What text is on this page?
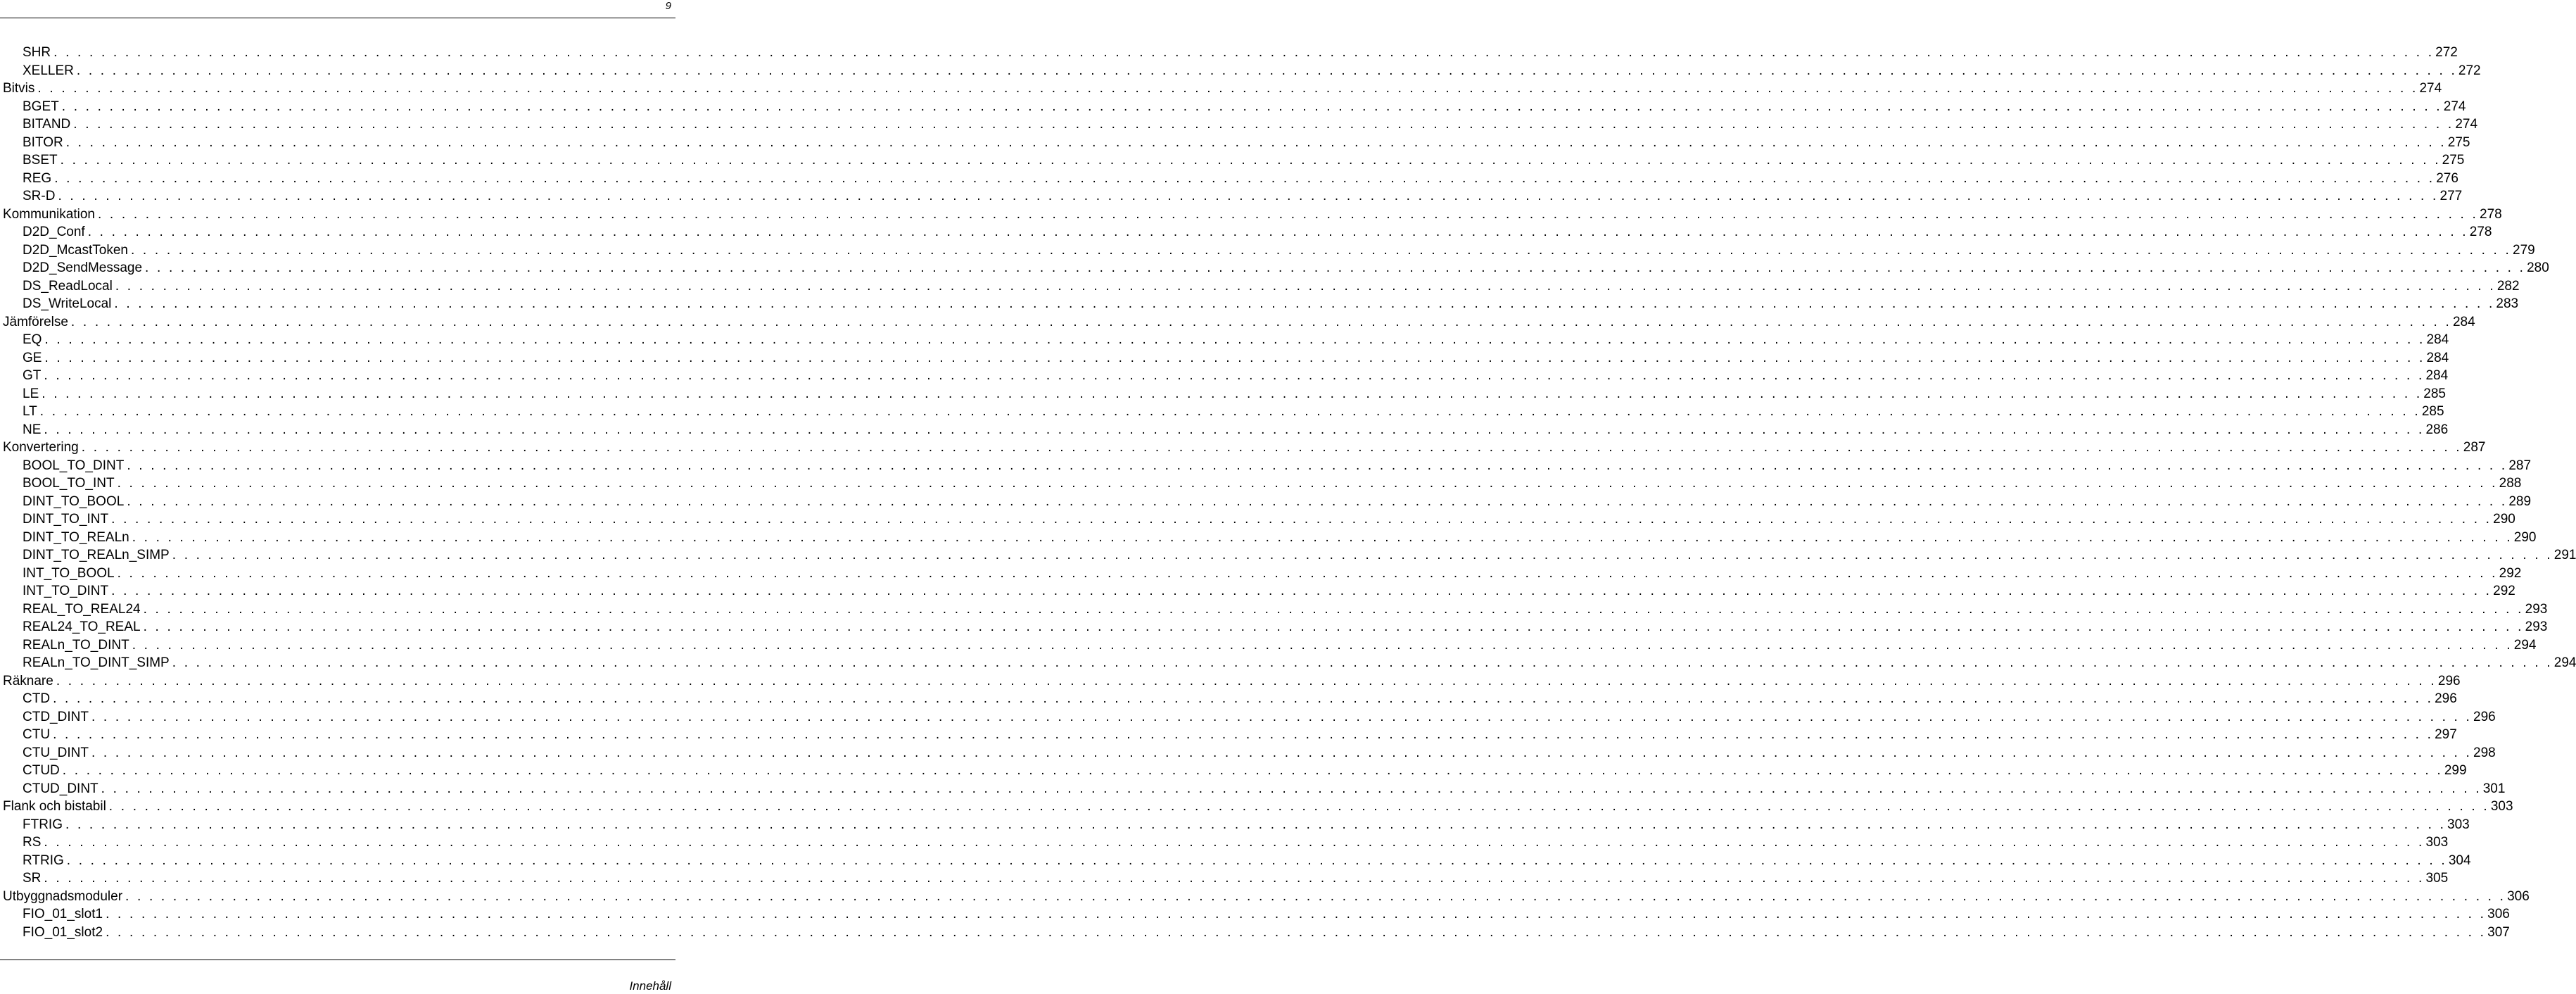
9
SHR . . . . . . . . . . . . . . . . . . . . . . . . . . . . . . . . . . . . . . . . . . . . . . . . . . . . . . . . . . . . . . . . . . . . . . . . . . . . . . . . . . . . . . . . . . . . . . . . . . . . . . . . . . . . . . . . . . . . . . . . . . . . . . . . . . . . . . . . . . . . . . . . . . . . . . . . . . . . . . . . . . . . . . . . . . . . . . . . . . . . . . . . . . . . . . . . . . . . . . . . 272
XELLER . . . . . . . . . . . . . . . . . . . . . . . . . . . . . . . . . . . . . . . . . . . . . . . . . . . . . . . . . . . . . . . . . . . . . . . . . . . . . . . . . . . . . . . . . . . . . . . . . . . . . . . . . . . . . . . . . . . . . . . . . . . . . . . . . . . . . . . . . . . . . . . . . . . . . . . . . . . . . . . . . . . . . . . . . . . . . . . . . . . . . . . . . . . . . . . . . . . . . . . . 272
Bitvis . . . . . . . . . . . . . . . . . . . . . . . . . . . . . . . . . . . . . . . . . . . . . . . . . . . . . . . . . . . . . . . . . . . . . . . . . . . . . . . . . . . . . . . . . . . . . . . . . . . . . . . . . . . . . . . . . . . . . . . . . . . . . . . . . . . . . . . . . . . . . . . . . . . . . . . . . . . . . . . . . . . . . . . . . . . . . . . . . . . . . . . . . . . . . . . . . . . . . . . . 274
BGET . . . . . . . . . . . . . . . . . . . . . . . . . . . . . . . . . . . . . . . . . . . . . . . . . . . . . . . . . . . . . . . . . . . . . . . . . . . . . . . . . . . . . . . . . . . . . . . . . . . . . . . . . . . . . . . . . . . . . . . . . . . . . . . . . . . . . . . . . . . . . . . . . . . . . . . . . . . . . . . . . . . . . . . . . . . . . . . . . . . . . . . . . . . . . . . . . . . . . . . . 274
BITAND . . . . . . . . . . . . . . . . . . . . . . . . . . . . . . . . . . . . . . . . . . . . . . . . . . . . . . . . . . . . . . . . . . . . . . . . . . . . . . . . . . . . . . . . . . . . . . . . . . . . . . . . . . . . . . . . . . . . . . . . . . . . . . . . . . . . . . . . . . . . . . . . . . . . . . . . . . . . . . . . . . . . . . . . . . . . . . . . . . . . . . . . . . . . . . . . . . . . . . . . 274
BITOR . . . . . . . . . . . . . . . . . . . . . . . . . . . . . . . . . . . . . . . . . . . . . . . . . . . . . . . . . . . . . . . . . . . . . . . . . . . . . . . . . . . . . . . . . . . . . . . . . . . . . . . . . . . . . . . . . . . . . . . . . . . . . . . . . . . . . . . . . . . . . . . . . . . . . . . . . . . . . . . . . . . . . . . . . . . . . . . . . . . . . . . . . . . . . . . . . . . . . . . . 275
BSET . . . . . . . . . . . . . . . . . . . . . . . . . . . . . . . . . . . . . . . . . . . . . . . . . . . . . . . . . . . . . . . . . . . . . . . . . . . . . . . . . . . . . . . . . . . . . . . . . . . . . . . . . . . . . . . . . . . . . . . . . . . . . . . . . . . . . . . . . . . . . . . . . . . . . . . . . . . . . . . . . . . . . . . . . . . . . . . . . . . . . . . . . . . . . . . . . . . . . . . . 275
REG . . . . . . . . . . . . . . . . . . . . . . . . . . . . . . . . . . . . . . . . . . . . . . . . . . . . . . . . . . . . . . . . . . . . . . . . . . . . . . . . . . . . . . . . . . . . . . . . . . . . . . . . . . . . . . . . . . . . . . . . . . . . . . . . . . . . . . . . . . . . . . . . . . . . . . . . . . . . . . . . . . . . . . . . . . . . . . . . . . . . . . . . . . . . . . . . . . . . . . . . 276
SR-D . . . . . . . . . . . . . . . . . . . . . . . . . . . . . . . . . . . . . . . . . . . . . . . . . . . . . . . . . . . . . . . . . . . . . . . . . . . . . . . . . . . . . . . . . . . . . . . . . . . . . . . . . . . . . . . . . . . . . . . . . . . . . . . . . . . . . . . . . . . . . . . . . . . . . . . . . . . . . . . . . . . . . . . . . . . . . . . . . . . . . . . . . . . . . . . . . . . . . . . . 277
Kommunikation . . . . . . . . . . . . . . . . . . . . . . . . . . . . . . . . . . . . . . . . . . . . . . . . . . . . . . . . . . . . . . . . . . . . . . . . . . . . . . . . . . . . . . . . . . . . . . . . . . . . . . . . . . . . . . . . . . . . . . . . . . . . . . . . . . . . . . . . . . . . . . . . . . . . . . . . . . . . . . . . . . . . . . . . . . . . . . . . . . . . . . . . . . . . . . . . . . . . . . . . 278
D2D_Conf . . . . . . . . . . . . . . . . . . . . . . . . . . . . . . . . . . . . . . . . . . . . . . . . . . . . . . . . . . . . . . . . . . . . . . . . . . . . . . . . . . . . . . . . . . . . . . . . . . . . . . . . . . . . . . . . . . . . . . . . . . . . . . . . . . . . . . . . . . . . . . . . . . . . . . . . . . . . . . . . . . . . . . . . . . . . . . . . . . . . . . . . . . . . . . . . . . . . . . . . 278
D2D_McastToken . . . . . . . . . . . . . . . . . . . . . . . . . . . . . . . . . . . . . . . . . . . . . . . . . . . . . . . . . . . . . . . . . . . . . . . . . . . . . . . . . . . . . . . . . . . . . . . . . . . . . . . . . . . . . . . . . . . . . . . . . . . . . . . . . . . . . . . . . . . . . . . . . . . . . . . . . . . . . . . . . . . . . . . . . . . . . . . . . . . . . . . . . . . . . . . . . . . . . . . . 279
D2D_SendMessage . . . . . . . . . . . . . . . . . . . . . . . . . . . . . . . . . . . . . . . . . . . . . . . . . . . . . . . . . . . . . . . . . . . . . . . . . . . . . . . . . . . . . . . . . . . . . . . . . . . . . . . . . . . . . . . . . . . . . . . . . . . . . . . . . . . . . . . . . . . . . . . . . . . . . . . . . . . . . . . . . . . . . . . . . . . . . . . . . . . . . . . . . . . . . . . . . . . . . . . . 280
DS_ReadLocal . . . . . . . . . . . . . . . . . . . . . . . . . . . . . . . . . . . . . . . . . . . . . . . . . . . . . . . . . . . . . . . . . . . . . . . . . . . . . . . . . . . . . . . . . . . . . . . . . . . . . . . . . . . . . . . . . . . . . . . . . . . . . . . . . . . . . . . . . . . . . . . . . . . . . . . . . . . . . . . . . . . . . . . . . . . . . . . . . . . . . . . . . . . . . . . . . . . . . . . . 282
DS_WriteLocal . . . . . . . . . . . . . . . . . . . . . . . . . . . . . . . . . . . . . . . . . . . . . . . . . . . . . . . . . . . . . . . . . . . . . . . . . . . . . . . . . . . . . . . . . . . . . . . . . . . . . . . . . . . . . . . . . . . . . . . . . . . . . . . . . . . . . . . . . . . . . . . . . . . . . . . . . . . . . . . . . . . . . . . . . . . . . . . . . . . . . . . . . . . . . . . . . . . . . . . . 283
Jämförelse . . . . . . . . . . . . . . . . . . . . . . . . . . . . . . . . . . . . . . . . . . . . . . . . . . . . . . . . . . . . . . . . . . . . . . . . . . . . . . . . . . . . . . . . . . . . . . . . . . . . . . . . . . . . . . . . . . . . . . . . . . . . . . . . . . . . . . . . . . . . . . . . . . . . . . . . . . . . . . . . . . . . . . . . . . . . . . . . . . . . . . . . . . . . . . . . . . . . . . . . 284
EQ . . . . . . . . . . . . . . . . . . . . . . . . . . . . . . . . . . . . . . . . . . . . . . . . . . . . . . . . . . . . . . . . . . . . . . . . . . . . . . . . . . . . . . . . . . . . . . . . . . . . . . . . . . . . . . . . . . . . . . . . . . . . . . . . . . . . . . . . . . . . . . . . . . . . . . . . . . . . . . . . . . . . . . . . . . . . . . . . . . . . . . . . . . . . . . . . . . . . . . . . 284
GE . . . . . . . . . . . . . . . . . . . . . . . . . . . . . . . . . . . . . . . . . . . . . . . . . . . . . . . . . . . . . . . . . . . . . . . . . . . . . . . . . . . . . . . . . . . . . . . . . . . . . . . . . . . . . . . . . . . . . . . . . . . . . . . . . . . . . . . . . . . . . . . . . . . . . . . . . . . . . . . . . . . . . . . . . . . . . . . . . . . . . . . . . . . . . . . . . . . . . . . . 284
GT . . . . . . . . . . . . . . . . . . . . . . . . . . . . . . . . . . . . . . . . . . . . . . . . . . . . . . . . . . . . . . . . . . . . . . . . . . . . . . . . . . . . . . . . . . . . . . . . . . . . . . . . . . . . . . . . . . . . . . . . . . . . . . . . . . . . . . . . . . . . . . . . . . . . . . . . . . . . . . . . . . . . . . . . . . . . . . . . . . . . . . . . . . . . . . . . . . . . . . . . 284
LE . . . . . . . . . . . . . . . . . . . . . . . . . . . . . . . . . . . . . . . . . . . . . . . . . . . . . . . . . . . . . . . . . . . . . . . . . . . . . . . . . . . . . . . . . . . . . . . . . . . . . . . . . . . . . . . . . . . . . . . . . . . . . . . . . . . . . . . . . . . . . . . . . . . . . . . . . . . . . . . . . . . . . . . . . . . . . . . . . . . . . . . . . . . . . . . . . . . . . . . . 285
LT . . . . . . . . . . . . . . . . . . . . . . . . . . . . . . . . . . . . . . . . . . . . . . . . . . . . . . . . . . . . . . . . . . . . . . . . . . . . . . . . . . . . . . . . . . . . . . . . . . . . . . . . . . . . . . . . . . . . . . . . . . . . . . . . . . . . . . . . . . . . . . . . . . . . . . . . . . . . . . . . . . . . . . . . . . . . . . . . . . . . . . . . . . . . . . . . . . . . . . . . 285
NE . . . . . . . . . . . . . . . . . . . . . . . . . . . . . . . . . . . . . . . . . . . . . . . . . . . . . . . . . . . . . . . . . . . . . . . . . . . . . . . . . . . . . . . . . . . . . . . . . . . . . . . . . . . . . . . . . . . . . . . . . . . . . . . . . . . . . . . . . . . . . . . . . . . . . . . . . . . . . . . . . . . . . . . . . . . . . . . . . . . . . . . . . . . . . . . . . . . . . . . . 286
Konvertering . . . . . . . . . . . . . . . . . . . . . . . . . . . . . . . . . . . . . . . . . . . . . . . . . . . . . . . . . . . . . . . . . . . . . . . . . . . . . . . . . . . . . . . . . . . . . . . . . . . . . . . . . . . . . . . . . . . . . . . . . . . . . . . . . . . . . . . . . . . . . . . . . . . . . . . . . . . . . . . . . . . . . . . . . . . . . . . . . . . . . . . . . . . . . . . . . . . . . . . . 287
BOOL_TO_DINT . . . . . . . . . . . . . . . . . . . . . . . . . . . . . . . . . . . . . . . . . . . . . . . . . . . . . . . . . . . . . . . . . . . . . . . . . . . . . . . . . . . . . . . . . . . . . . . . . . . . . . . . . . . . . . . . . . . . . . . . . . . . . . . . . . . . . . . . . . . . . . . . . . . . . . . . . . . . . . . . . . . . . . . . . . . . . . . . . . . . . . . . . . . . . . . . . . . . . . . . 287
BOOL_TO_INT . . . . . . . . . . . . . . . . . . . . . . . . . . . . . . . . . . . . . . . . . . . . . . . . . . . . . . . . . . . . . . . . . . . . . . . . . . . . . . . . . . . . . . . . . . . . . . . . . . . . . . . . . . . . . . . . . . . . . . . . . . . . . . . . . . . . . . . . . . . . . . . . . . . . . . . . . . . . . . . . . . . . . . . . . . . . . . . . . . . . . . . . . . . . . . . . . . . . . . . . 288
DINT_TO_BOOL . . . . . . . . . . . . . . . . . . . . . . . . . . . . . . . . . . . . . . . . . . . . . . . . . . . . . . . . . . . . . . . . . . . . . . . . . . . . . . . . . . . . . . . . . . . . . . . . . . . . . . . . . . . . . . . . . . . . . . . . . . . . . . . . . . . . . . . . . . . . . . . . . . . . . . . . . . . . . . . . . . . . . . . . . . . . . . . . . . . . . . . . . . . . . . . . . . . . . . . . 289
DINT_TO_INT . . . . . . . . . . . . . . . . . . . . . . . . . . . . . . . . . . . . . . . . . . . . . . . . . . . . . . . . . . . . . . . . . . . . . . . . . . . . . . . . . . . . . . . . . . . . . . . . . . . . . . . . . . . . . . . . . . . . . . . . . . . . . . . . . . . . . . . . . . . . . . . . . . . . . . . . . . . . . . . . . . . . . . . . . . . . . . . . . . . . . . . . . . . . . . . . . . . . . . . . 290
DINT_TO_REALn . . . . . . . . . . . . . . . . . . . . . . . . . . . . . . . . . . . . . . . . . . . . . . . . . . . . . . . . . . . . . . . . . . . . . . . . . . . . . . . . . . . . . . . . . . . . . . . . . . . . . . . . . . . . . . . . . . . . . . . . . . . . . . . . . . . . . . . . . . . . . . . . . . . . . . . . . . . . . . . . . . . . . . . . . . . . . . . . . . . . . . . . . . . . . . . . . . . . . . . . 290
DINT_TO_REALn_SIMP . . . . . . . . . . . . . . . . . . . . . . . . . . . . . . . . . . . . . . . . . . . . . . . . . . . . . . . . . . . . . . . . . . . . . . . . . . . . . . . . . . . . . . . . . . . . . . . . . . . . . . . . . . . . . . . . . . . . . . . . . . . . . . . . . . . . . . . . . . . . . . . . . . . . . . . . . . . . . . . . . . . . . . . . . . . . . . . . . . . . . . . . . . . . . . . . . . . . . . . . 291
INT_TO_BOOL . . . . . . . . . . . . . . . . . . . . . . . . . . . . . . . . . . . . . . . . . . . . . . . . . . . . . . . . . . . . . . . . . . . . . . . . . . . . . . . . . . . . . . . . . . . . . . . . . . . . . . . . . . . . . . . . . . . . . . . . . . . . . . . . . . . . . . . . . . . . . . . . . . . . . . . . . . . . . . . . . . . . . . . . . . . . . . . . . . . . . . . . . . . . . . . . . . . . . . . . 292
INT_TO_DINT . . . . . . . . . . . . . . . . . . . . . . . . . . . . . . . . . . . . . . . . . . . . . . . . . . . . . . . . . . . . . . . . . . . . . . . . . . . . . . . . . . . . . . . . . . . . . . . . . . . . . . . . . . . . . . . . . . . . . . . . . . . . . . . . . . . . . . . . . . . . . . . . . . . . . . . . . . . . . . . . . . . . . . . . . . . . . . . . . . . . . . . . . . . . . . . . . . . . . . . . 292
REAL_TO_REAL24 . . . . . . . . . . . . . . . . . . . . . . . . . . . . . . . . . . . . . . . . . . . . . . . . . . . . . . . . . . . . . . . . . . . . . . . . . . . . . . . . . . . . . . . . . . . . . . . . . . . . . . . . . . . . . . . . . . . . . . . . . . . . . . . . . . . . . . . . . . . . . . . . . . . . . . . . . . . . . . . . . . . . . . . . . . . . . . . . . . . . . . . . . . . . . . . . . . . . . . . . 293
REAL24_TO_REAL . . . . . . . . . . . . . . . . . . . . . . . . . . . . . . . . . . . . . . . . . . . . . . . . . . . . . . . . . . . . . . . . . . . . . . . . . . . . . . . . . . . . . . . . . . . . . . . . . . . . . . . . . . . . . . . . . . . . . . . . . . . . . . . . . . . . . . . . . . . . . . . . . . . . . . . . . . . . . . . . . . . . . . . . . . . . . . . . . . . . . . . . . . . . . . . . . . . . . . . . 293
REALn_TO_DINT . . . . . . . . . . . . . . . . . . . . . . . . . . . . . . . . . . . . . . . . . . . . . . . . . . . . . . . . . . . . . . . . . . . . . . . . . . . . . . . . . . . . . . . . . . . . . . . . . . . . . . . . . . . . . . . . . . . . . . . . . . . . . . . . . . . . . . . . . . . . . . . . . . . . . . . . . . . . . . . . . . . . . . . . . . . . . . . . . . . . . . . . . . . . . . . . . . . . . . . . 294
REALn_TO_DINT_SIMP . . . . . . . . . . . . . . . . . . . . . . . . . . . . . . . . . . . . . . . . . . . . . . . . . . . . . . . . . . . . . . . . . . . . . . . . . . . . . . . . . . . . . . . . . . . . . . . . . . . . . . . . . . . . . . . . . . . . . . . . . . . . . . . . . . . . . . . . . . . . . . . . . . . . . . . . . . . . . . . . . . . . . . . . . . . . . . . . . . . . . . . . . . . . . . . . . . . . . . . . 294
Räknare . . . . . . . . . . . . . . . . . . . . . . . . . . . . . . . . . . . . . . . . . . . . . . . . . . . . . . . . . . . . . . . . . . . . . . . . . . . . . . . . . . . . . . . . . . . . . . . . . . . . . . . . . . . . . . . . . . . . . . . . . . . . . . . . . . . . . . . . . . . . . . . . . . . . . . . . . . . . . . . . . . . . . . . . . . . . . . . . . . . . . . . . . . . . . . . . . . . . . . . . 296
CTD . . . . . . . . . . . . . . . . . . . . . . . . . . . . . . . . . . . . . . . . . . . . . . . . . . . . . . . . . . . . . . . . . . . . . . . . . . . . . . . . . . . . . . . . . . . . . . . . . . . . . . . . . . . . . . . . . . . . . . . . . . . . . . . . . . . . . . . . . . . . . . . . . . . . . . . . . . . . . . . . . . . . . . . . . . . . . . . . . . . . . . . . . . . . . . . . . . . . . . . . 296
CTD_DINT . . . . . . . . . . . . . . . . . . . . . . . . . . . . . . . . . . . . . . . . . . . . . . . . . . . . . . . . . . . . . . . . . . . . . . . . . . . . . . . . . . . . . . . . . . . . . . . . . . . . . . . . . . . . . . . . . . . . . . . . . . . . . . . . . . . . . . . . . . . . . . . . . . . . . . . . . . . . . . . . . . . . . . . . . . . . . . . . . . . . . . . . . . . . . . . . . . . . . . . . 296
CTU . . . . . . . . . . . . . . . . . . . . . . . . . . . . . . . . . . . . . . . . . . . . . . . . . . . . . . . . . . . . . . . . . . . . . . . . . . . . . . . . . . . . . . . . . . . . . . . . . . . . . . . . . . . . . . . . . . . . . . . . . . . . . . . . . . . . . . . . . . . . . . . . . . . . . . . . . . . . . . . . . . . . . . . . . . . . . . . . . . . . . . . . . . . . . . . . . . . . . . . . 297
CTU_DINT . . . . . . . . . . . . . . . . . . . . . . . . . . . . . . . . . . . . . . . . . . . . . . . . . . . . . . . . . . . . . . . . . . . . . . . . . . . . . . . . . . . . . . . . . . . . . . . . . . . . . . . . . . . . . . . . . . . . . . . . . . . . . . . . . . . . . . . . . . . . . . . . . . . . . . . . . . . . . . . . . . . . . . . . . . . . . . . . . . . . . . . . . . . . . . . . . . . . . . . . 298
CTUD . . . . . . . . . . . . . . . . . . . . . . . . . . . . . . . . . . . . . . . . . . . . . . . . . . . . . . . . . . . . . . . . . . . . . . . . . . . . . . . . . . . . . . . . . . . . . . . . . . . . . . . . . . . . . . . . . . . . . . . . . . . . . . . . . . . . . . . . . . . . . . . . . . . . . . . . . . . . . . . . . . . . . . . . . . . . . . . . . . . . . . . . . . . . . . . . . . . . . . . . 299
CTUD_DINT . . . . . . . . . . . . . . . . . . . . . . . . . . . . . . . . . . . . . . . . . . . . . . . . . . . . . . . . . . . . . . . . . . . . . . . . . . . . . . . . . . . . . . . . . . . . . . . . . . . . . . . . . . . . . . . . . . . . . . . . . . . . . . . . . . . . . . . . . . . . . . . . . . . . . . . . . . . . . . . . . . . . . . . . . . . . . . . . . . . . . . . . . . . . . . . . . . . . . . . . 301
Flank och bistabil . . . . . . . . . . . . . . . . . . . . . . . . . . . . . . . . . . . . . . . . . . . . . . . . . . . . . . . . . . . . . . . . . . . . . . . . . . . . . . . . . . . . . . . . . . . . . . . . . . . . . . . . . . . . . . . . . . . . . . . . . . . . . . . . . . . . . . . . . . . . . . . . . . . . . . . . . . . . . . . . . . . . . . . . . . . . . . . . . . . . . . . . . . . . . . . . . . . . . . . . 303
FTRIG . . . . . . . . . . . . . . . . . . . . . . . . . . . . . . . . . . . . . . . . . . . . . . . . . . . . . . . . . . . . . . . . . . . . . . . . . . . . . . . . . . . . . . . . . . . . . . . . . . . . . . . . . . . . . . . . . . . . . . . . . . . . . . . . . . . . . . . . . . . . . . . . . . . . . . . . . . . . . . . . . . . . . . . . . . . . . . . . . . . . . . . . . . . . . . . . . . . . . . . . 303
RS . . . . . . . . . . . . . . . . . . . . . . . . . . . . . . . . . . . . . . . . . . . . . . . . . . . . . . . . . . . . . . . . . . . . . . . . . . . . . . . . . . . . . . . . . . . . . . . . . . . . . . . . . . . . . . . . . . . . . . . . . . . . . . . . . . . . . . . . . . . . . . . . . . . . . . . . . . . . . . . . . . . . . . . . . . . . . . . . . . . . . . . . . . . . . . . . . . . . . . . . 303
RTRIG . . . . . . . . . . . . . . . . . . . . . . . . . . . . . . . . . . . . . . . . . . . . . . . . . . . . . . . . . . . . . . . . . . . . . . . . . . . . . . . . . . . . . . . . . . . . . . . . . . . . . . . . . . . . . . . . . . . . . . . . . . . . . . . . . . . . . . . . . . . . . . . . . . . . . . . . . . . . . . . . . . . . . . . . . . . . . . . . . . . . . . . . . . . . . . . . . . . . . . . . 304
SR . . . . . . . . . . . . . . . . . . . . . . . . . . . . . . . . . . . . . . . . . . . . . . . . . . . . . . . . . . . . . . . . . . . . . . . . . . . . . . . . . . . . . . . . . . . . . . . . . . . . . . . . . . . . . . . . . . . . . . . . . . . . . . . . . . . . . . . . . . . . . . . . . . . . . . . . . . . . . . . . . . . . . . . . . . . . . . . . . . . . . . . . . . . . . . . . . . . . . . . . 305
Utbyggnadsmoduler . . . . . . . . . . . . . . . . . . . . . . . . . . . . . . . . . . . . . . . . . . . . . . . . . . . . . . . . . . . . . . . . . . . . . . . . . . . . . . . . . . . . . . . . . . . . . . . . . . . . . . . . . . . . . . . . . . . . . . . . . . . . . . . . . . . . . . . . . . . . . . . . . . . . . . . . . . . . . . . . . . . . . . . . . . . . . . . . . . . . . . . . . . . . . . . . . . . . . . . . 306
FIO_01_slot1 . . . . . . . . . . . . . . . . . . . . . . . . . . . . . . . . . . . . . . . . . . . . . . . . . . . . . . . . . . . . . . . . . . . . . . . . . . . . . . . . . . . . . . . . . . . . . . . . . . . . . . . . . . . . . . . . . . . . . . . . . . . . . . . . . . . . . . . . . . . . . . . . . . . . . . . . . . . . . . . . . . . . . . . . . . . . . . . . . . . . . . . . . . . . . . . . . . . . . . . . 306
FIO_01_slot2 . . . . . . . . . . . . . . . . . . . . . . . . . . . . . . . . . . . . . . . . . . . . . . . . . . . . . . . . . . . . . . . . . . . . . . . . . . . . . . . . . . . . . . . . . . . . . . . . . . . . . . . . . . . . . . . . . . . . . . . . . . . . . . . . . . . . . . . . . . . . . . . . . . . . . . . . . . . . . . . . . . . . . . . . . . . . . . . . . . . . . . . . . . . . . . . . . . . . . . . . 307
Innehåll
